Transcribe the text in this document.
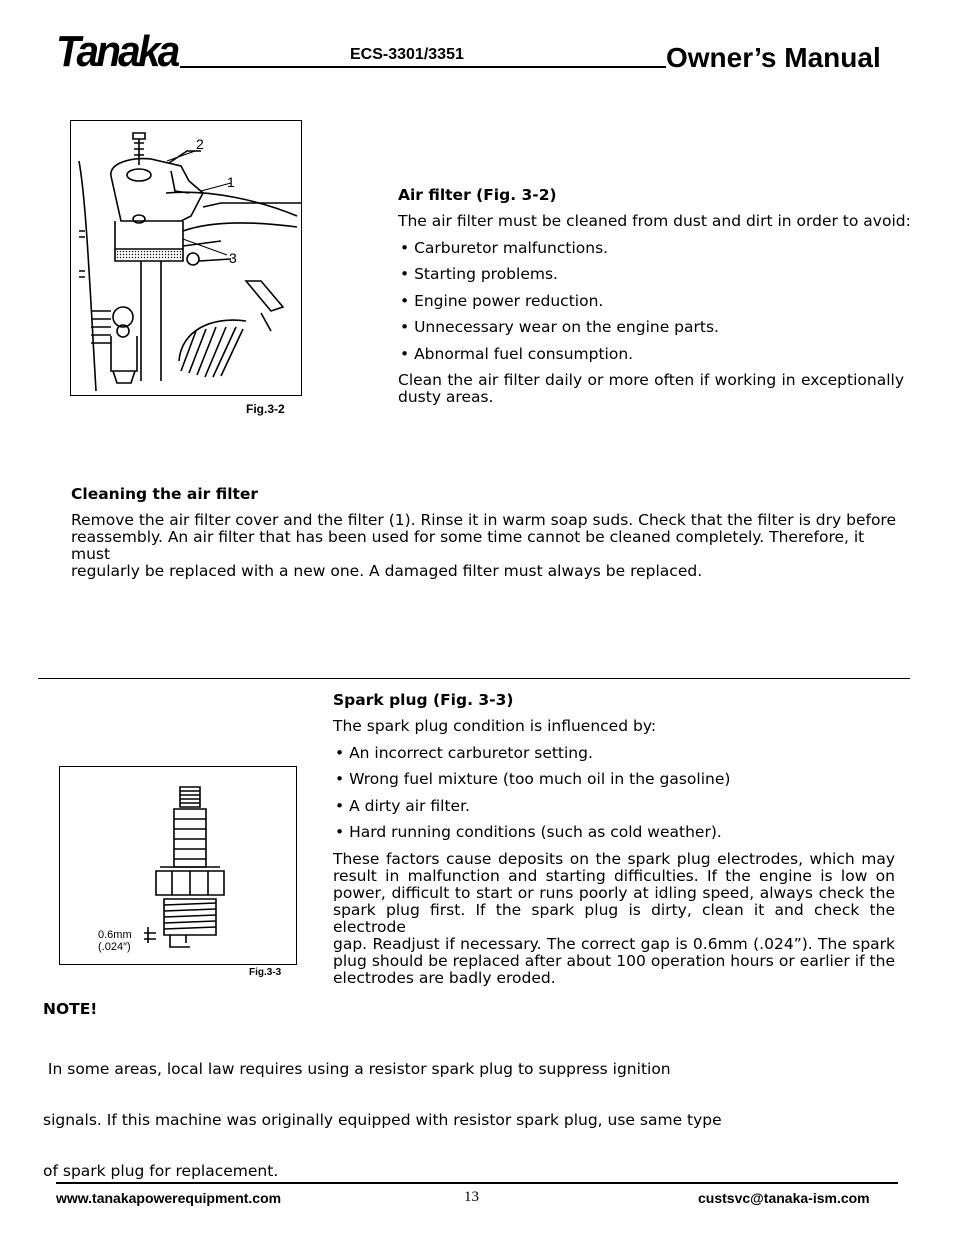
Tanaka	ECS-3301/3351	Owner’s Manual
2
1
3
Fig.3-2
Air filter (Fig. 3-2)
The air filter must be cleaned from dust and dirt in order to avoid:
• Carburetor malfunctions.
• Starting problems.
• Engine power reduction.
• Unnecessary wear on the engine parts.
• Abnormal fuel consumption.
Clean the air filter daily or more often if working in exceptionally
dusty areas.
Cleaning the air filter
Remove the air filter cover and the filter (1). Rinse it in warm soap suds. Check that the filter is dry before
reassembly. An air filter that has been used for some time cannot be cleaned completely. Therefore, it must
regularly be replaced with a new one. A damaged filter must always be replaced.
0.6mm
(.024″)
Fig.3-3
Spark plug (Fig. 3-3)
The spark plug condition is influenced by:
• An incorrect carburetor setting.
• Wrong fuel mixture (too much oil in the gasoline)
• A dirty air filter.
• Hard running conditions (such as cold weather).
These factors cause deposits on the spark plug electrodes, which may
result in malfunction and starting difficulties. If the engine is low on
power, difficult to start or runs poorly at idling speed, always check the
spark plug first. If the spark plug is dirty, clean it and check the electrode
gap. Readjust if necessary. The correct gap is 0.6mm (.024”). The spark
plug should be replaced after about 100 operation hours or earlier if the
electrodes are badly eroded.
NOTE!

In some areas, local law requires using a resistor spark plug to suppress ignition

signals. If this machine was originally equipped with resistor spark plug, use same type

of spark plug for replacement.

www.tanakapowerequipment.com	13	custsvc@tanaka-ism.com
